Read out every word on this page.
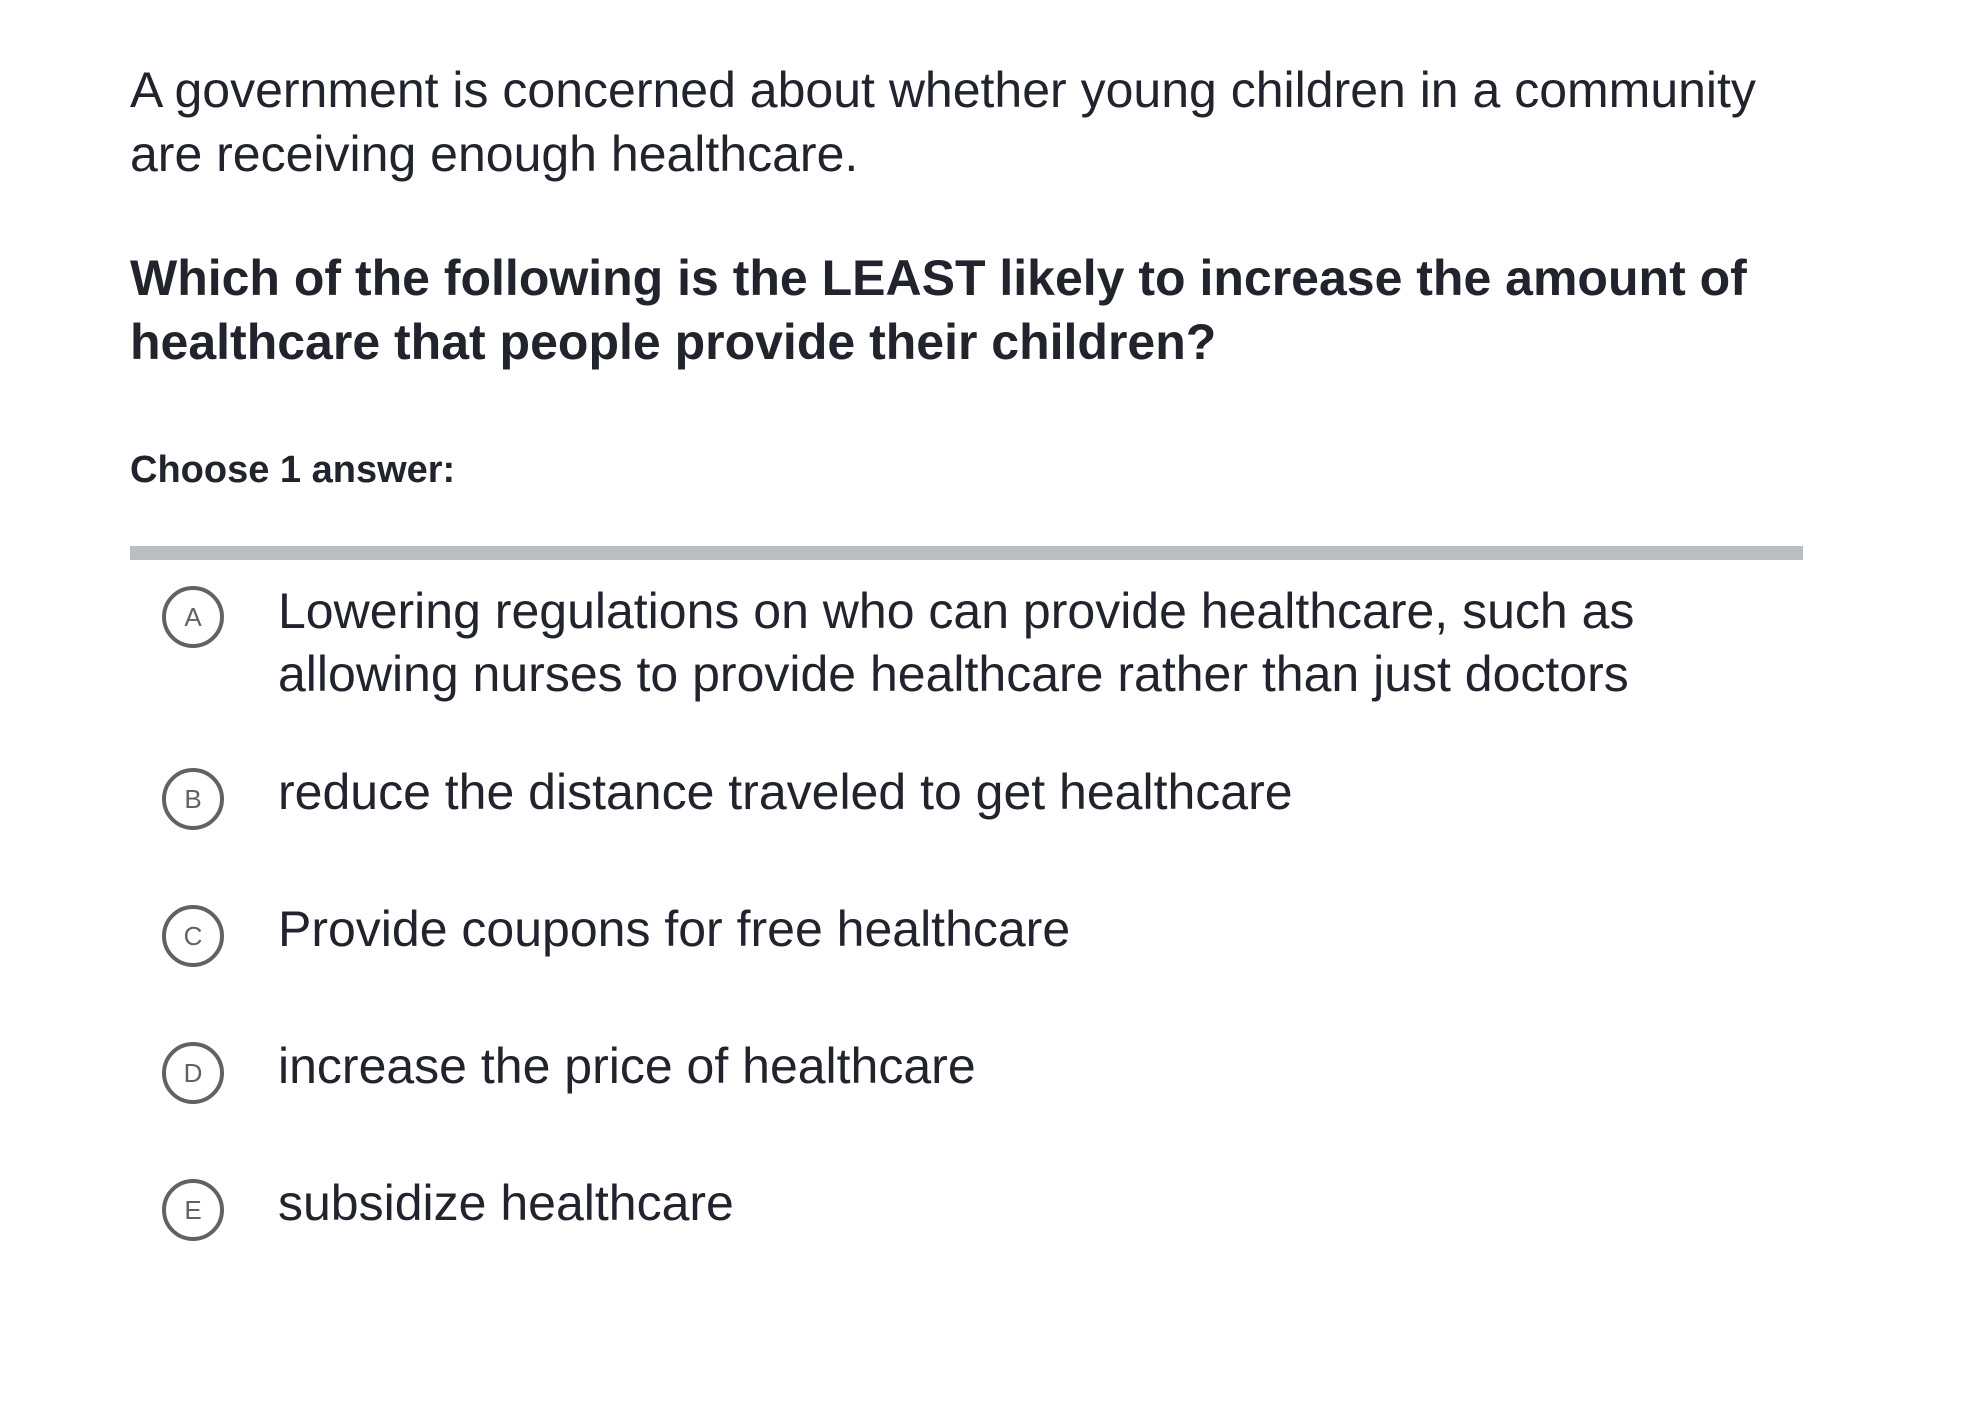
A government is concerned about whether young children in a community are receiving enough healthcare.

Which of the following is the LEAST likely to increase the amount of healthcare that people provide their children?

Choose 1 answer:
A	Lowering regulations on who can provide healthcare, such as allowing nurses to provide healthcare rather than just doctors
B	reduce the distance traveled to get healthcare
C	Provide coupons for free healthcare
D	increase the price of healthcare
E	subsidize healthcare
